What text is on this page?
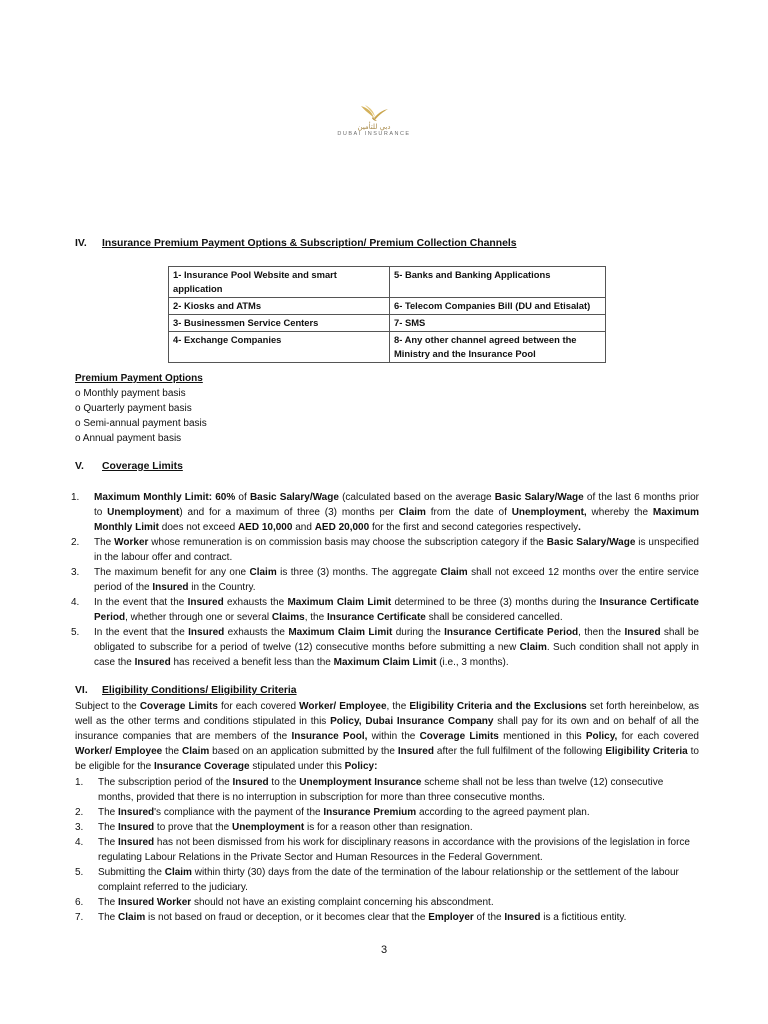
دبي للتأمين
DUBAI INSURANCE
IV. Insurance Premium Payment Options & Subscription/ Premium Collection Channels
1- Insurance Pool Website and smart application	5- Banks and Banking Applications
2- Kiosks and ATMs	6- Telecom Companies Bill (DU and Etisalat)
3- Businessmen Service Centers	7- SMS
4- Exchange Companies	8- Any other channel agreed between the Ministry and the Insurance Pool
Premium Payment Options
o Monthly payment basis
o Quarterly payment basis
o Semi-annual payment basis
o Annual payment basis
V. Coverage Limits
1. Maximum Monthly Limit: 60% of Basic Salary/Wage (calculated based on the average Basic Salary/Wage of the last 6 months prior to Unemployment) and for a maximum of three (3) months per Claim from the date of Unemployment, whereby the Maximum Monthly Limit does not exceed AED 10,000 and AED 20,000 for the first and second categories respectively.
2. The Worker whose remuneration is on commission basis may choose the subscription category if the Basic Salary/Wage is unspecified in the labour offer and contract.
3. The maximum benefit for any one Claim is three (3) months. The aggregate Claim shall not exceed 12 months over the entire service period of the Insured in the Country.
4. In the event that the Insured exhausts the Maximum Claim Limit determined to be three (3) months during the Insurance Certificate Period, whether through one or several Claims, the Insurance Certificate shall be considered cancelled.
5. In the event that the Insured exhausts the Maximum Claim Limit during the Insurance Certificate Period, then the Insured shall be obligated to subscribe for a period of twelve (12) consecutive months before submitting a new Claim. Such condition shall not apply in case the Insured has received a benefit less than the Maximum Claim Limit (i.e., 3 months).
VI. Eligibility Conditions/ Eligibility Criteria
Subject to the Coverage Limits for each covered Worker/ Employee, the Eligibility Criteria and the Exclusions set forth hereinbelow, as well as the other terms and conditions stipulated in this Policy, Dubai Insurance Company shall pay for its own and on behalf of all the insurance companies that are members of the Insurance Pool, within the Coverage Limits mentioned in this Policy, for each covered Worker/ Employee the Claim based on an application submitted by the Insured after the full fulfilment of the following Eligibility Criteria to be eligible for the Insurance Coverage stipulated under this Policy:
1. The subscription period of the Insured to the Unemployment Insurance scheme shall not be less than twelve (12) consecutive months, provided that there is no interruption in subscription for more than three consecutive months.
2. The Insured's compliance with the payment of the Insurance Premium according to the agreed payment plan.
3. The Insured to prove that the Unemployment is for a reason other than resignation.
4. The Insured has not been dismissed from his work for disciplinary reasons in accordance with the provisions of the legislation in force regulating Labour Relations in the Private Sector and Human Resources in the Federal Government.
5. Submitting the Claim within thirty (30) days from the date of the termination of the labour relationship or the settlement of the labour complaint referred to the judiciary.
6. The Insured Worker should not have an existing complaint concerning his abscondment.
7. The Claim is not based on fraud or deception, or it becomes clear that the Employer of the Insured is a fictitious entity.
3
